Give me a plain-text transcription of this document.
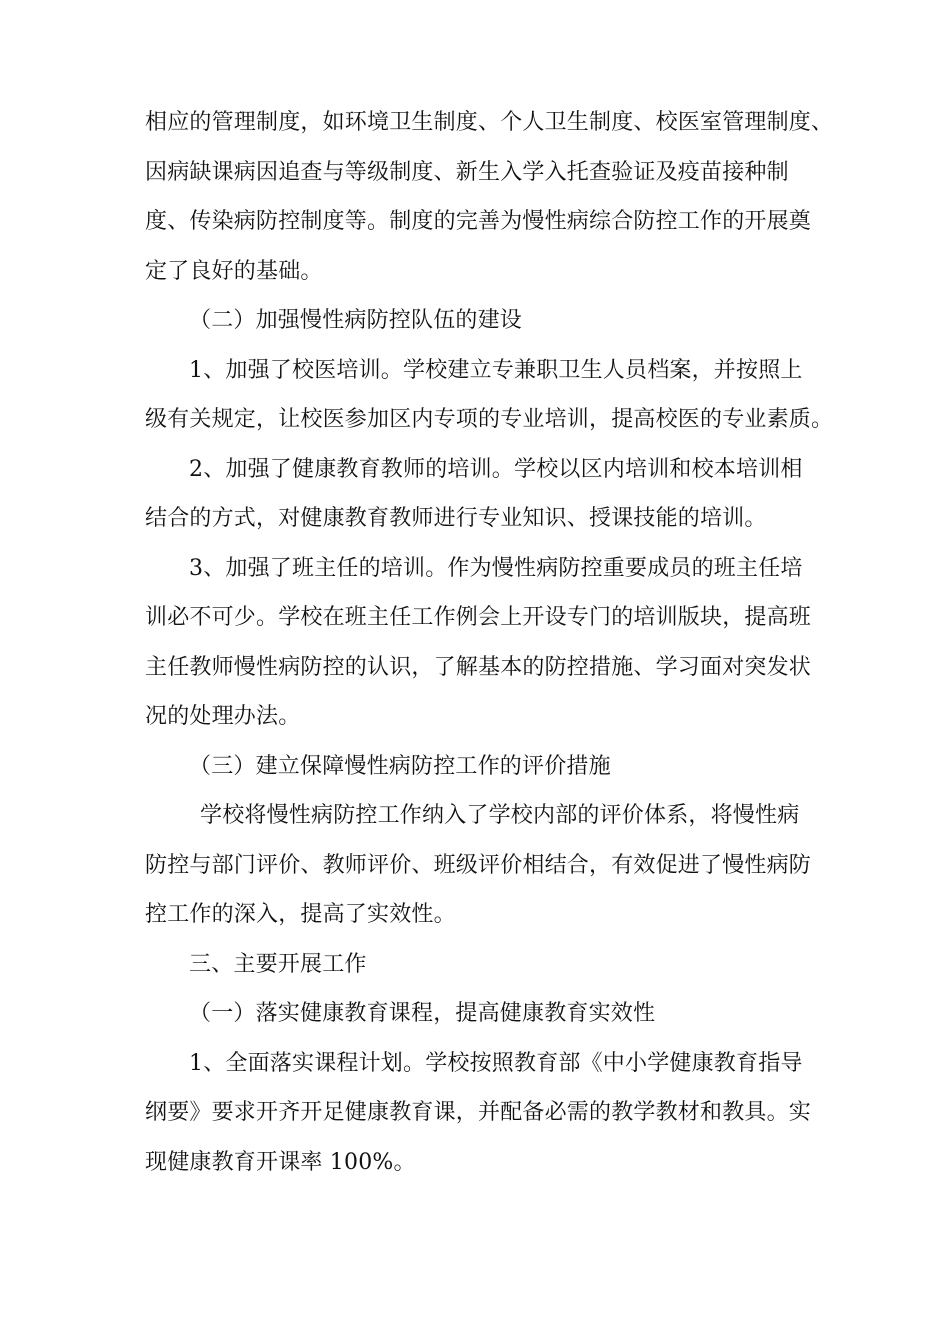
相应的管理制度，如环境卫生制度、个人卫生制度、校医室管理制度、
因病缺课病因追查与等级制度、新生入学入托查验证及疫苗接种制
度、传染病防控制度等。制度的完善为慢性病综合防控工作的开展奠
定了良好的基础。
（二）加强慢性病防控队伍的建设
1、加强了校医培训。学校建立专兼职卫生人员档案，并按照上
级有关规定，让校医参加区内专项的专业培训，提高校医的专业素质。
2、加强了健康教育教师的培训。学校以区内培训和校本培训相
结合的方式，对健康教育教师进行专业知识、授课技能的培训。
3、加强了班主任的培训。作为慢性病防控重要成员的班主任培
训必不可少。学校在班主任工作例会上开设专门的培训版块，提高班
主任教师慢性病防控的认识，了解基本的防控措施、学习面对突发状
况的处理办法。
（三）建立保障慢性病防控工作的评价措施
学校将慢性病防控工作纳入了学校内部的评价体系，将慢性病
防控与部门评价、教师评价、班级评价相结合，有效促进了慢性病防
控工作的深入，提高了实效性。
三、主要开展工作
（一）落实健康教育课程，提高健康教育实效性
1、全面落实课程计划。学校按照教育部《中小学健康教育指导
纲要》要求开齐开足健康教育课，并配备必需的教学教材和教具。实
现健康教育开课率 100%。
